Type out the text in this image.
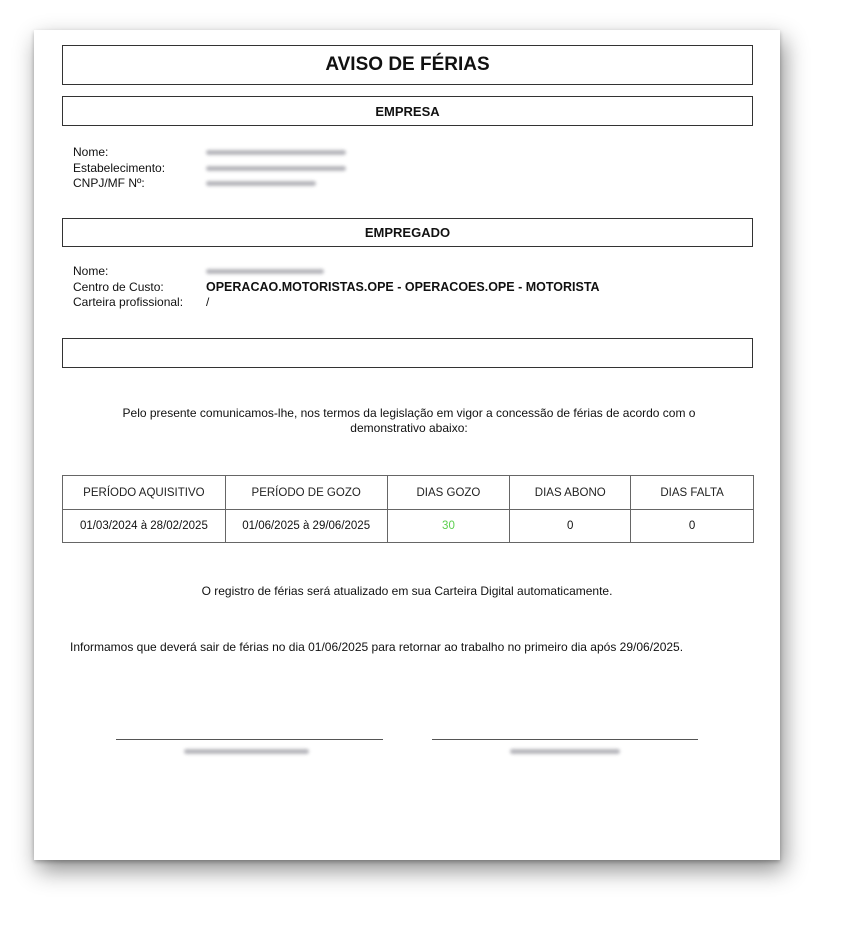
AVISO DE FÉRIAS
EMPRESA
Nome:
Estabelecimento:
CNPJ/MF Nº:
EMPREGADO
Nome:
Centro de Custo:	OPERACAO.MOTORISTAS.OPE - OPERACOES.OPE - MOTORISTA
Carteira profissional:	/
Pelo presente comunicamos-lhe, nos termos da legislação em vigor a concessão de férias de acordo com o demonstrativo abaixo:
PERÍODO AQUISITIVO	PERÍODO DE GOZO	DIAS GOZO	DIAS ABONO	DIAS FALTA
01/03/2024 à 28/02/2025	01/06/2025 à 29/06/2025	30	0	0
O registro de férias será atualizado em sua Carteira Digital automaticamente.
Informamos que deverá sair de férias no dia 01/06/2025 para retornar ao trabalho no primeiro dia após 29/06/2025.
